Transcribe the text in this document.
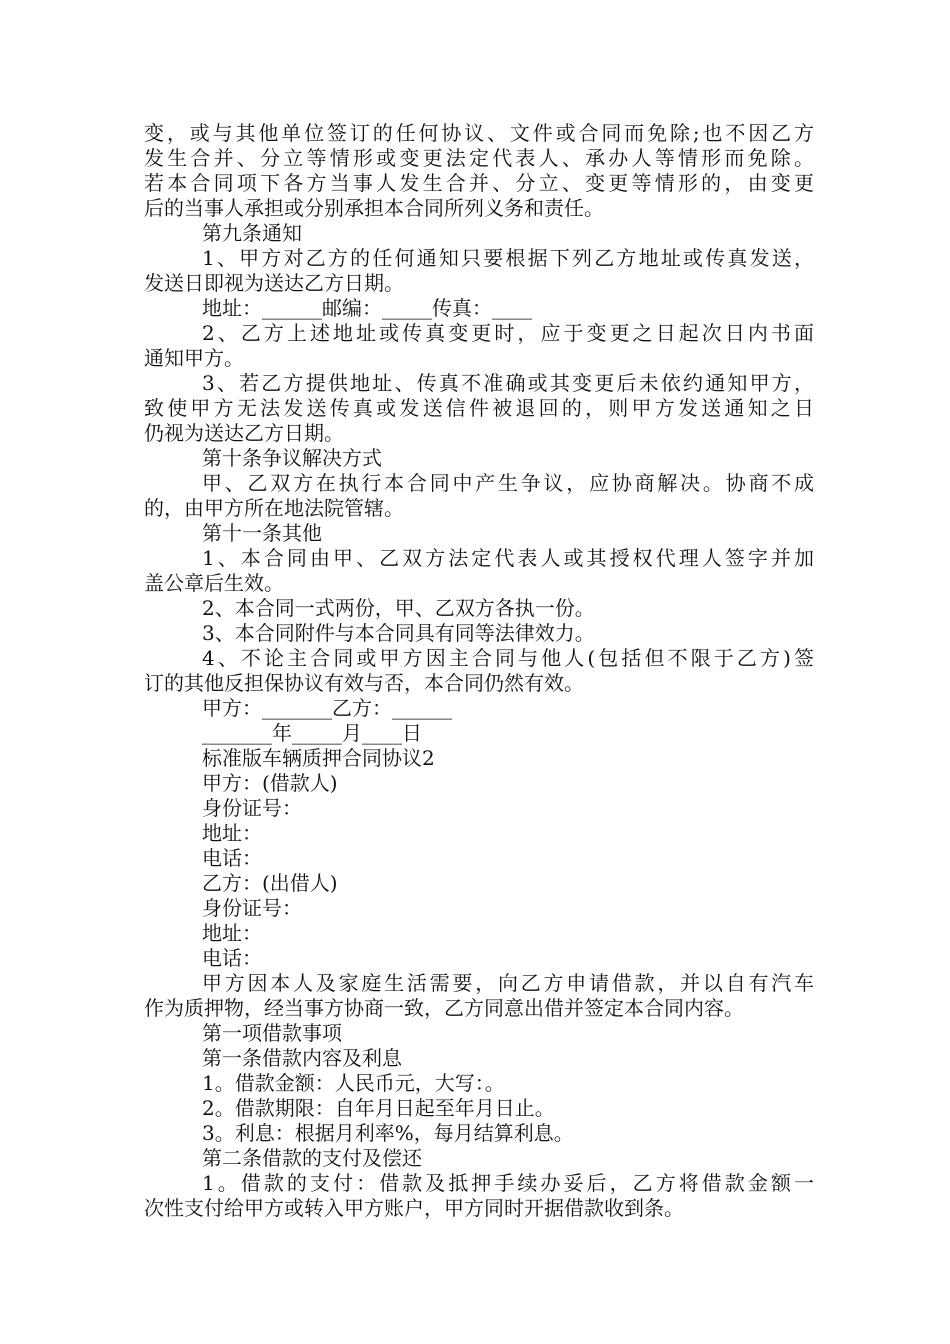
变，或与其他单位签订的任何协议、文件或合同而免除;也不因乙方
发生合并、分立等情形或变更法定代表人、承办人等情形而免除。
若本合同项下各方当事人发生合并、分立、变更等情形的，由变更
后的当事人承担或分别承担本合同所列义务和责任。
第九条通知
1、甲方对乙方的任何通知只要根据下列乙方地址或传真发送，
发送日即视为送达乙方日期。
地址：______邮编：_____传真：____
2、乙方上述地址或传真变更时，应于变更之日起次日内书面
通知甲方。
3、若乙方提供地址、传真不准确或其变更后未依约通知甲方，
致使甲方无法发送传真或发送信件被退回的，则甲方发送通知之日
仍视为送达乙方日期。
第十条争议解决方式
甲、乙双方在执行本合同中产生争议，应协商解决。协商不成
的，由甲方所在地法院管辖。
第十一条其他
1、本合同由甲、乙双方法定代表人或其授权代理人签字并加
盖公章后生效。
2、本合同一式两份，甲、乙双方各执一份。
3、本合同附件与本合同具有同等法律效力。
4、不论主合同或甲方因主合同与他人(包括但不限于乙方)签
订的其他反担保协议有效与否，本合同仍然有效。
甲方：_______乙方：______
_______年_____月____日
标准版车辆质押合同协议2
甲方：(借款人)
身份证号：
地址：
电话：
乙方：(出借人)
身份证号：
地址：
电话：
甲方因本人及家庭生活需要，向乙方申请借款，并以自有汽车
作为质押物，经当事方协商一致，乙方同意出借并签定本合同内容。
第一项借款事项
第一条借款内容及利息
1。借款金额：人民币元，大写：。
2。借款期限：自年月日起至年月日止。
3。利息：根据月利率%，每月结算利息。
第二条借款的支付及偿还
1。借款的支付：借款及抵押手续办妥后，乙方将借款金额一
次性支付给甲方或转入甲方账户，甲方同时开据借款收到条。
